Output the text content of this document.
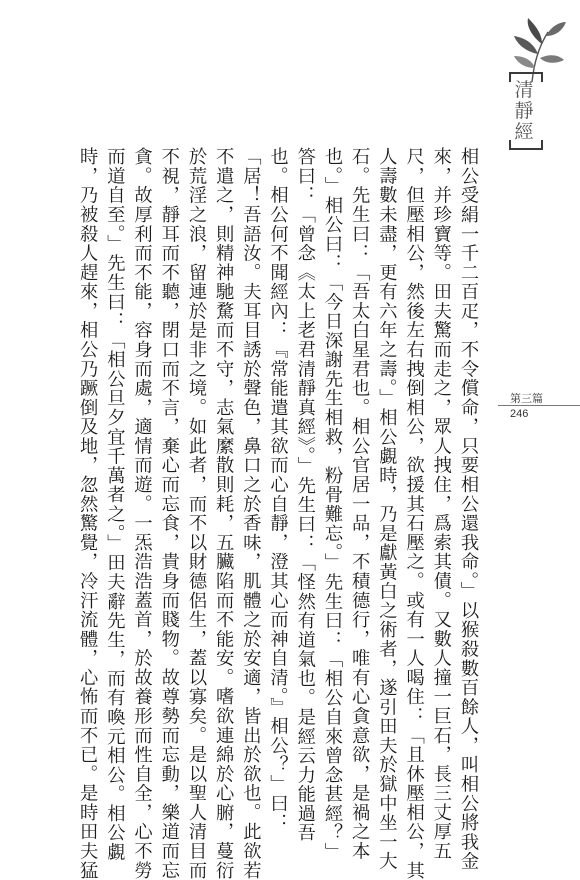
清
靜
經
第三篇
246
相公受絹一千二百疋，不令償命，只要相公還我命。」以猴殺數百餘人，叫相公將我金
來，并珍寶等。田夫驚而走之，眾人拽住，爲索其債。又數人撞一巨石，長三丈厚五
尺，但壓相公，然後左右拽倒相公，欲援其石壓之。或有一人喝住：「且休壓相公，其
人壽數未盡，更有六年之壽。」相公覷時，乃是獻黃白之術者，遂引田夫於獄中坐一大
石。先生曰：「吾太白星君也。相公官居一品，不積德行，唯有心貪意欲，是禍之本
也。」相公曰：「今日深謝先生相救，粉骨難忘。」先生曰：「相公自來曾念甚經？」
答曰：「曾念《太上老君清靜真經》。」先生曰：「怪然有道氣也。是經云力能過吾
也。相公何不聞經內：『常能遣其欲而心自靜，澄其心而神自清。』相公？」曰：
「居！吾語汝。夫耳目誘於聲色，鼻口之於香味，肌體之於安適，皆出於欲也。此欲若
不遣之，則精神馳騖而不守，志氣縻散則耗，五臟陷而不能安。嗜欲連綿於心腑，蔓衍
於荒淫之浪，留連於是非之境。如此者，而不以財德侶生，蓋以寡矣。是以聖人清目而
不視，靜耳而不聽，閉口而不言，棄心而忘食，貴身而賤物。故尊勢而忘動，樂道而忘
貪。故厚利而不能，容身而處，適情而遊。一炁浩浩蓋首，於故養形而性自全，心不勞
而道自至。」先生曰：「相公旦夕宜千萬者之。」田夫辭先生，而有喚元相公。相公覷
時，乃被殺人趕來，相公乃蹶倒及地，忽然驚覺，冷汗流體，心怖而不已。是時田夫猛
